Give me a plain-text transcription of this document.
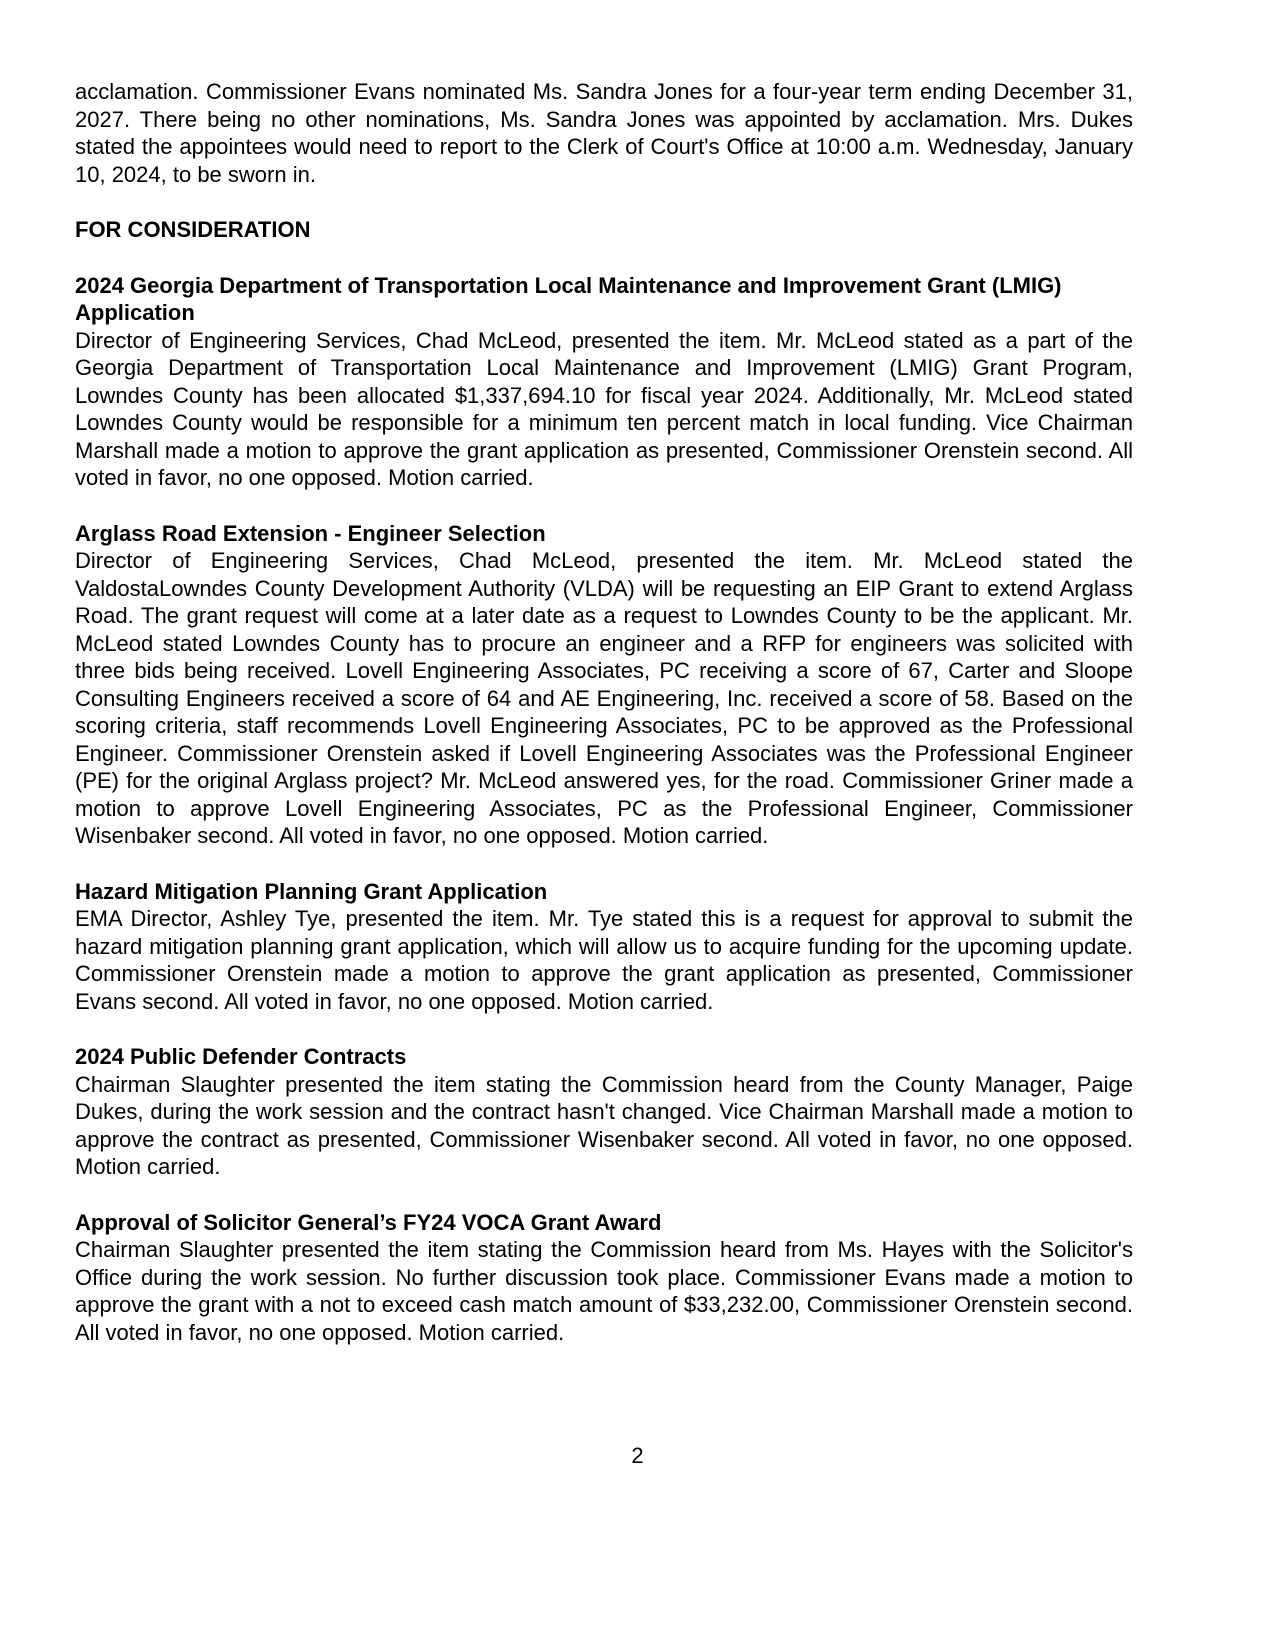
acclamation. Commissioner Evans nominated Ms. Sandra Jones for a four-year term ending December 31, 2027. There being no other nominations, Ms. Sandra Jones was appointed by acclamation. Mrs. Dukes stated the appointees would need to report to the Clerk of Court's Office at 10:00 a.m. Wednesday, January 10, 2024, to be sworn in.

FOR CONSIDERATION
2024 Georgia Department of Transportation Local Maintenance and Improvement Grant (LMIG) Application

Director of Engineering Services, Chad McLeod, presented the item. Mr. McLeod stated as a part of the Georgia Department of Transportation Local Maintenance and Improvement (LMIG) Grant Program, Lowndes County has been allocated $1,337,694.10 for fiscal year 2024. Additionally, Mr. McLeod stated Lowndes County would be responsible for a minimum ten percent match in local funding. Vice Chairman Marshall made a motion to approve the grant application as presented, Commissioner Orenstein second. All voted in favor, no one opposed. Motion carried.

Arglass Road Extension - Engineer Selection

Director of Engineering Services, Chad McLeod, presented the item. Mr. McLeod stated the ValdostaLowndes County Development Authority (VLDA) will be requesting an EIP Grant to extend Arglass Road. The grant request will come at a later date as a request to Lowndes County to be the applicant. Mr. McLeod stated Lowndes County has to procure an engineer and a RFP for engineers was solicited with three bids being received. Lovell Engineering Associates, PC receiving a score of 67, Carter and Sloope Consulting Engineers received a score of 64 and AE Engineering, Inc. received a score of 58. Based on the scoring criteria, staff recommends Lovell Engineering Associates, PC to be approved as the Professional Engineer. Commissioner Orenstein asked if Lovell Engineering Associates was the Professional Engineer (PE) for the original Arglass project? Mr. McLeod answered yes, for the road. Commissioner Griner made a motion to approve Lovell Engineering Associates, PC as the Professional Engineer, Commissioner Wisenbaker second. All voted in favor, no one opposed. Motion carried.

Hazard Mitigation Planning Grant Application

EMA Director, Ashley Tye, presented the item. Mr. Tye stated this is a request for approval to submit the hazard mitigation planning grant application, which will allow us to acquire funding for the upcoming update. Commissioner Orenstein made a motion to approve the grant application as presented, Commissioner Evans second. All voted in favor, no one opposed. Motion carried.

2024 Public Defender Contracts

Chairman Slaughter presented the item stating the Commission heard from the County Manager, Paige Dukes, during the work session and the contract hasn't changed. Vice Chairman Marshall made a motion to approve the contract as presented, Commissioner Wisenbaker second. All voted in favor, no one opposed. Motion carried.

Approval of Solicitor General’s FY24 VOCA Grant Award

Chairman Slaughter presented the item stating the Commission heard from Ms. Hayes with the Solicitor's Office during the work session. No further discussion took place. Commissioner Evans made a motion to approve the grant with a not to exceed cash match amount of $33,232.00, Commissioner Orenstein second. All voted in favor, no one opposed. Motion carried.

2
